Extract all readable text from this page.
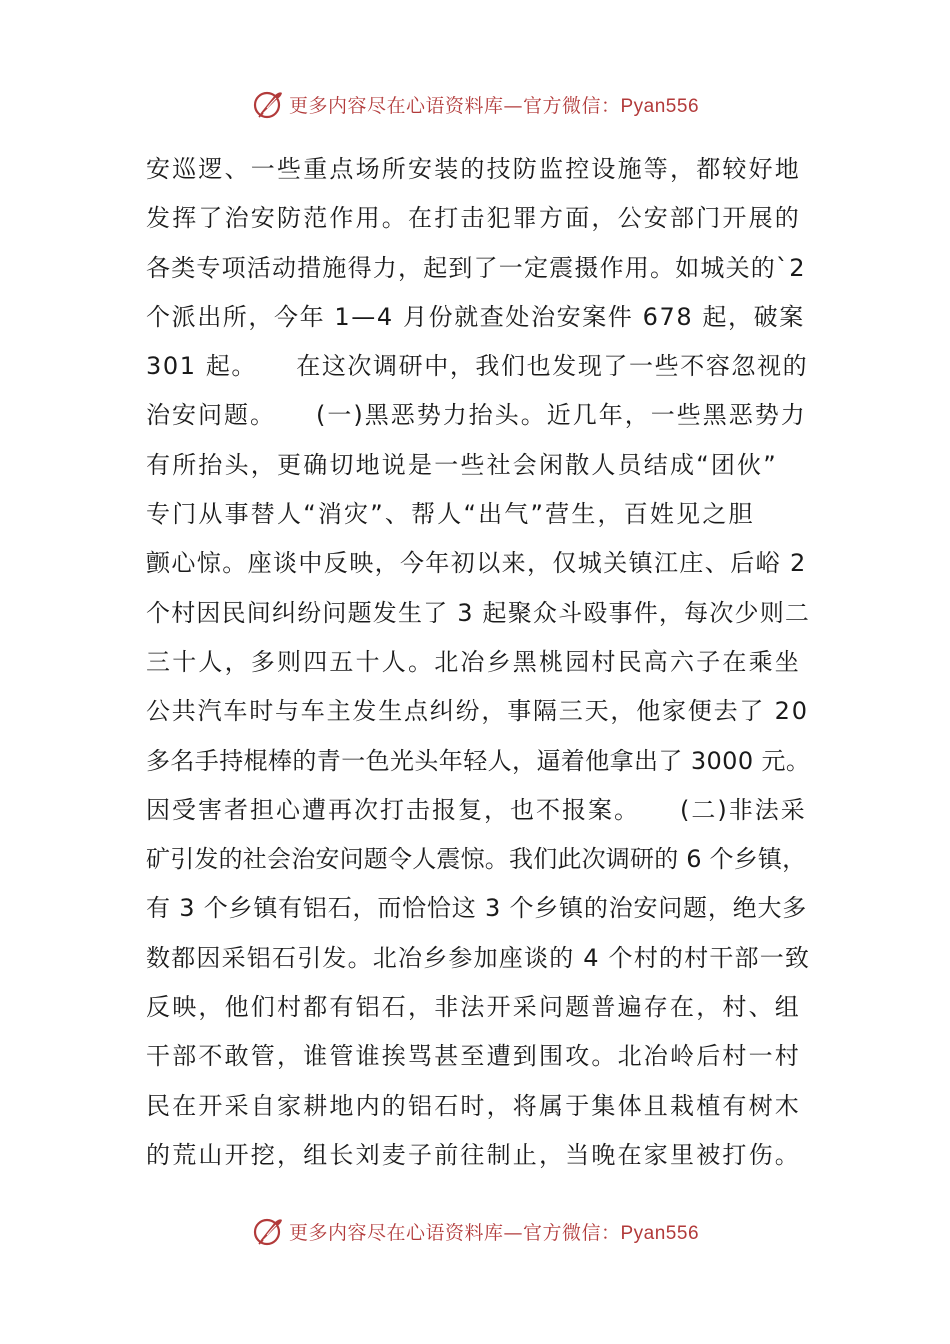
更多内容尽在心语资料库—官方微信：Pyan556
安巡逻、一些重点场所安装的技防监控设施等，都较好地
发挥了治安防范作用。在打击犯罪方面，公安部门开展的
各类专项活动措施得力，起到了一定震摄作用。如城关的`2
个派出所，今年 1—4 月份就查处治安案件 678 起，破案
301 起。　　在这次调研中，我们也发现了一些不容忽视的
治安问题。　　(一)黑恶势力抬头。近几年，一些黑恶势力
有所抬头，更确切地说是一些社会闲散人员结成“团伙”
专门从事替人“消灾”、帮人“出气”营生，百姓见之胆
颤心惊。座谈中反映，今年初以来，仅城关镇江庄、后峪 2
个村因民间纠纷问题发生了 3 起聚众斗殴事件，每次少则二
三十人，多则四五十人。北冶乡黑桃园村民高六子在乘坐
公共汽车时与车主发生点纠纷，事隔三天，他家便去了 20
多名手持棍棒的青一色光头年轻人，逼着他拿出了 3000 元。
因受害者担心遭再次打击报复，也不报案。　　(二)非法采
矿引发的社会治安问题令人震惊。我们此次调研的 6 个乡镇，
有 3 个乡镇有铝石，而恰恰这 3 个乡镇的治安问题，绝大多
数都因采铝石引发。北冶乡参加座谈的 4 个村的村干部一致
反映，他们村都有铝石，非法开采问题普遍存在，村、组
干部不敢管，谁管谁挨骂甚至遭到围攻。北冶岭后村一村
民在开采自家耕地内的铝石时，将属于集体且栽植有树木
的荒山开挖，组长刘麦子前往制止，当晚在家里被打伤。
更多内容尽在心语资料库—官方微信：Pyan556
